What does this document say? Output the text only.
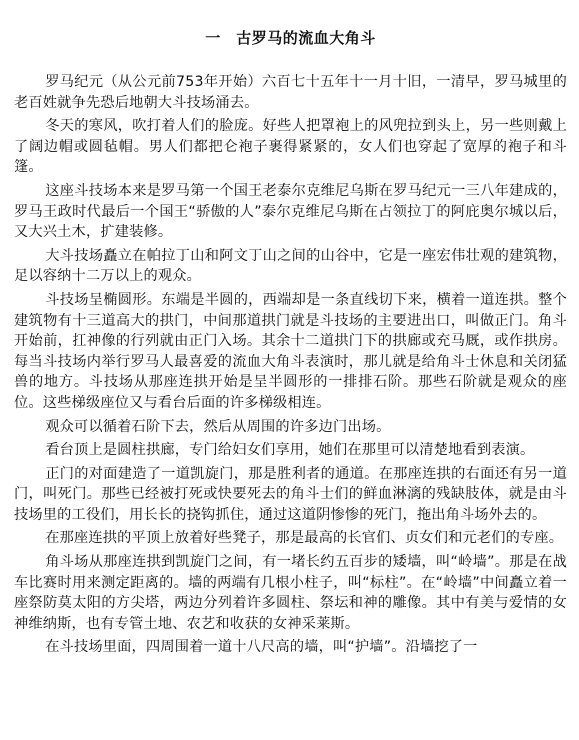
一　古罗马的流血大角斗

罗马纪元（从公元前753年开始）六百七十五年十一月十旧，一清早，罗马城里的老百姓就争先恐后地朝大斗技场涌去。

冬天的寒风，吹打着人们的脸庞。好些人把罩袍上的风兜拉到头上，另一些则戴上了阔边帽或圆毡帽。男人们都把仑袍子裹得紧紧的，女人们也穿起了宽厚的袍子和斗篷。

这座斗技场本来是罗马第一个国王老泰尔克维尼乌斯在罗马纪元一三八年建成的，罗马王政时代最后一个国王“骄傲的人”泰尔克维尼乌斯在占领拉丁的阿庇奥尔城以后，又大兴土木，扩建装修。

大斗技场矗立在帕拉丁山和阿文丁山之间的山谷中，它是一座宏伟壮观的建筑物，足以容纳十二万以上的观众。

斗技场呈椭圆形。东端是半圆的，西端却是一条直线切下来，横着一道连拱。整个建筑物有十三道高大的拱门，中间那道拱门就是斗技场的主要进出口，叫做正门。角斗开始前，扛神像的行列就由正门入场。其余十二道拱门下的拱廊或充马厩，或作拱房。每当斗技场内举行罗马人最喜爱的流血大角斗表演时，那儿就是给角斗士休息和关闭猛兽的地方。斗技场从那座连拱开始是呈半圆形的一排排石阶。那些石阶就是观众的座位。这些梯级座位又与看台后面的许多梯级相连。

观众可以循着石阶下去，然后从周围的许多边门出场。

看台顶上是圆柱拱廊，专门给妇女们享用，她们在那里可以清楚地看到表演。

正门的对面建造了一道凯旋门，那是胜利者的通道。在那座连拱的右面还有另一道门，叫死门。那些已经被打死或快要死去的角斗士们的鲜血淋漓的残缺肢体，就是由斗技场里的工役们，用长长的挠钩抓住，通过这道阴惨惨的死门，拖出角斗场外去的。

在那座连拱的平顶上放着好些凳子，那是最高的长官们、贞女们和元老们的专座。

角斗场从那座连拱到凯旋门之间，有一堵长约五百步的矮墙，叫“岭墙”。那是在战车比赛时用来测定距离的。墙的两端有几根小柱子，叫“标柱”。在“岭墙”中间矗立着一座祭防莫太阳的方尖塔，两边分列着许多圆柱、祭坛和神的雕像。其中有美与爱情的女神维纳斯，也有专管土地、农艺和收获的女神采莱斯。

在斗技场里面，四周围着一道十八尺高的墙，叫“护墙”。沿墙挖了一
